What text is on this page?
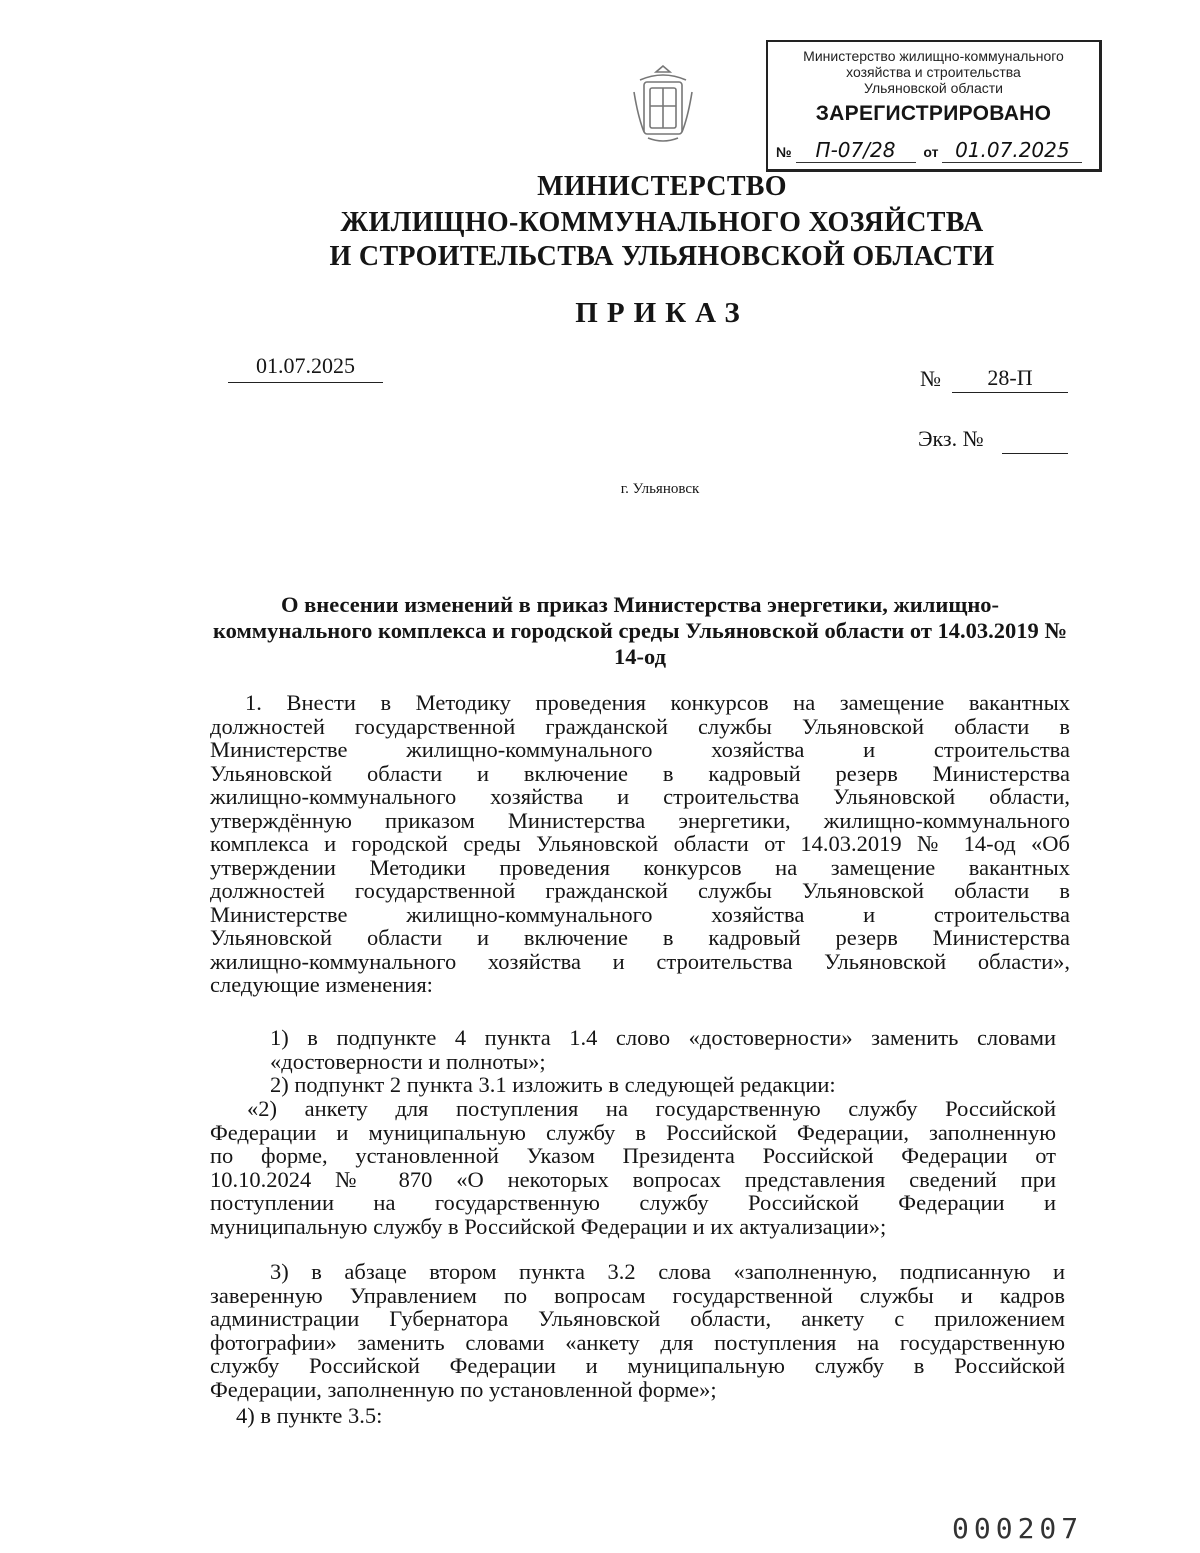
Министерство жилищно-коммунального
хозяйства и строительства
Ульяновской области
ЗАРЕГИСТРИРОВАНО
№ П-07/28 от 01.07.2025
МИНИСТЕРСТВО
ЖИЛИЩНО-КОММУНАЛЬНОГО ХОЗЯЙСТВА
И СТРОИТЕЛЬСТВА УЛЬЯНОВСКОЙ ОБЛАСТИ
ПРИКАЗ
01.07.2025
№	28-П
Экз. №
г. Ульяновск
О внесении изменений в приказ Министерства энергетики, жилищно-коммунального комплекса и городской среды Ульяновской области от 14.03.2019 № 14-од
1. Внести в Методику проведения конкурсов на замещение вакантных
должностей государственной гражданской службы Ульяновской области в
Министерстве жилищно-коммунального хозяйства и строительства
Ульяновской области и включение в кадровый резерв Министерства
жилищно-коммунального хозяйства и строительства Ульяновской области,
утверждённую приказом Министерства энергетики, жилищно-коммунального
комплекса и городской среды Ульяновской области от 14.03.2019 № 14-од «Об
утверждении Методики проведения конкурсов на замещение вакантных
должностей государственной гражданской службы Ульяновской области в
Министерстве жилищно-коммунального хозяйства и строительства
Ульяновской области и включение в кадровый резерв Министерства
жилищно-коммунального хозяйства и строительства Ульяновской области»,
следующие изменения:
1) в подпункте 4 пункта 1.4 слово «достоверности» заменить словами
«достоверности и полноты»;
2) подпункт 2 пункта 3.1 изложить в следующей редакции:
«2) анкету для поступления на государственную службу Российской
Федерации и муниципальную службу в Российской Федерации, заполненную
по форме, установленной Указом Президента Российской Федерации от
10.10.2024 № 870 «О некоторых вопросах представления сведений при
поступлении на государственную службу Российской Федерации и
муниципальную службу в Российской Федерации и их актуализации»;
3) в абзаце втором пункта 3.2 слова «заполненную, подписанную и
заверенную Управлением по вопросам государственной службы и кадров
администрации Губернатора Ульяновской области, анкету с приложением
фотографии» заменить словами «анкету для поступления на государственную
службу Российской Федерации и муниципальную службу в Российской
Федерации, заполненную по установленной форме»;
4) в пункте 3.5:
000207
